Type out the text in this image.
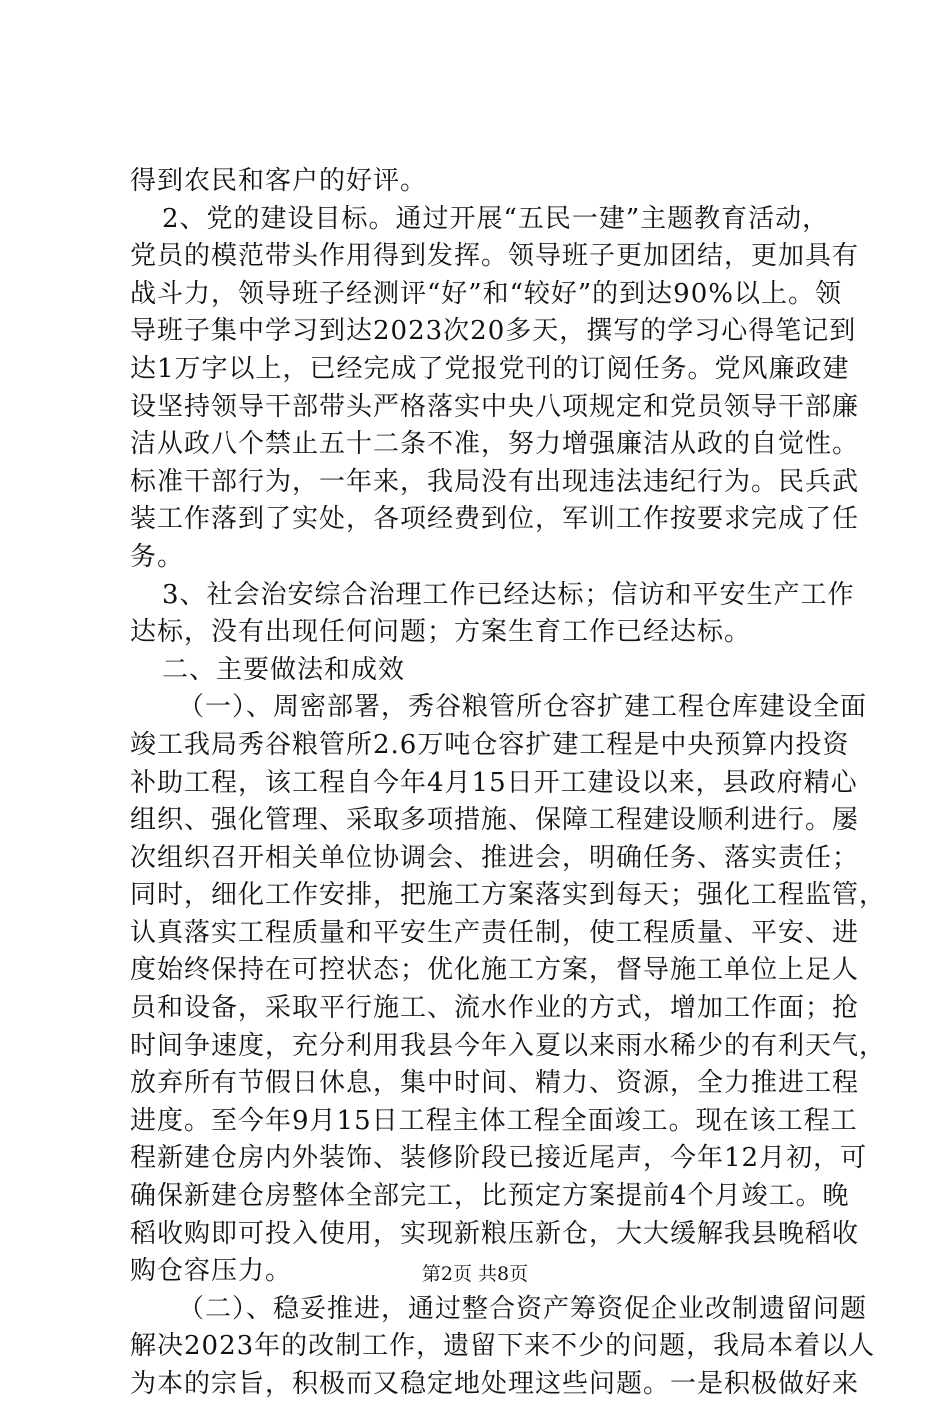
得到农民和客户的好评。
2、党的建设目标。通过开展“五民一建”主题教育活动，
党员的模范带头作用得到发挥。领导班子更加团结，更加具有
战斗力，领导班子经测评“好”和“较好”的到达90%以上。领
导班子集中学习到达2023次20多天，撰写的学习心得笔记到
达1万字以上，已经完成了党报党刊的订阅任务。党风廉政建
设坚持领导干部带头严格落实中央八项规定和党员领导干部廉
洁从政八个禁止五十二条不准，努力增强廉洁从政的自觉性。
标准干部行为，一年来，我局没有出现违法违纪行为。民兵武
装工作落到了实处，各项经费到位，军训工作按要求完成了任
务。
3、社会治安综合治理工作已经达标；信访和平安生产工作
达标，没有出现任何问题；方案生育工作已经达标。
二、主要做法和成效
（一）、周密部署，秀谷粮管所仓容扩建工程仓库建设全面
竣工我局秀谷粮管所2.6万吨仓容扩建工程是中央预算内投资
补助工程，该工程自今年4月15日开工建设以来，县政府精心
组织、强化管理、采取多项措施、保障工程建设顺利进行。屡
次组织召开相关单位协调会、推进会，明确任务、落实责任；
同时，细化工作安排，把施工方案落实到每天；强化工程监管，
认真落实工程质量和平安生产责任制，使工程质量、平安、进
度始终保持在可控状态；优化施工方案，督导施工单位上足人
员和设备，采取平行施工、流水作业的方式，增加工作面；抢
时间争速度，充分利用我县今年入夏以来雨水稀少的有利天气，
放弃所有节假日休息，集中时间、精力、资源，全力推进工程
进度。至今年9月15日工程主体工程全面竣工。现在该工程工
程新建仓房内外装饰、装修阶段已接近尾声，今年12月初，可
确保新建仓房整体全部完工，比预定方案提前4个月竣工。晚
稻收购即可投入使用，实现新粮压新仓，大大缓解我县晚稻收
购仓容压力。
（二）、稳妥推进，通过整合资产筹资促企业改制遗留问题
解决2023年的改制工作，遗留下来不少的问题，我局本着以人
为本的宗旨，积极而又稳定地处理这些问题。一是积极做好来
第2页 共8页
